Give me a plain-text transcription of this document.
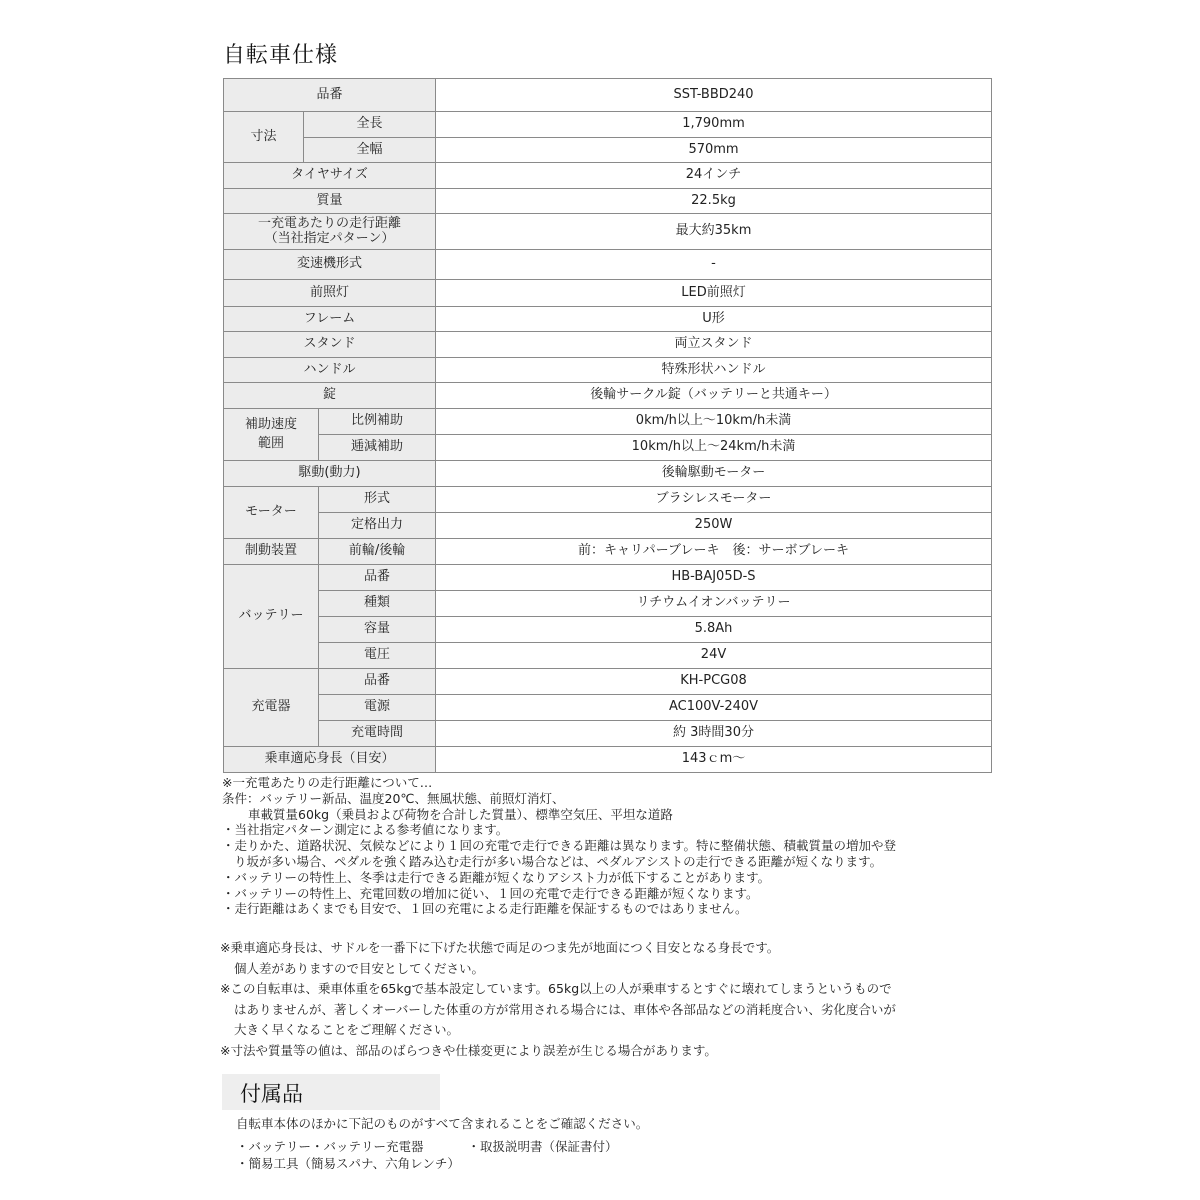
自転車仕様
品番			SST-BBD240
寸法	全長		1,790mm
	全幅		570mm
タイヤサイズ			24インチ
質量			22.5kg

一充電あたりの走行距離
（当社指定パターン）			最大約35km
変速機形式			-
前照灯			LED前照灯
フレーム			U形
スタンド			両立スタンド
ハンドル			特殊形状ハンドル
錠			後輪サークル錠（バッテリーと共通キー）

補助速度
範囲		比例補助	0km/h以上～10km/h未満
		逓減補助	10km/h以上～24km/h未満
駆動(動力)			後輪駆動モーター
モーター		形式	ブラシレスモーター
		定格出力	250W
制動装置		前輪/後輪	前：キャリパーブレーキ　後：サーボブレーキ
バッテリー		品番	HB-BAJ05D-S
		種類	リチウムイオンバッテリー
		容量	5.8Ah
		電圧	24V
充電器		品番	KH-PCG08
		電源	AC100V-240V
		充電時間	約 3時間30分
乗車適応身長（目安）			143ｃm～
※一充電あたりの走行距離について…
条件：バッテリー新品、温度20℃、無風状態、前照灯消灯、
車載質量60kg（乗員および荷物を合計した質量）、標準空気圧、平坦な道路
・当社指定パターン測定による参考値になります。
・走りかた、道路状況、気候などにより１回の充電で走行できる距離は異なります。特に整備状態、積載質量の増加や登
り坂が多い場合、ペダルを強く踏み込む走行が多い場合などは、ペダルアシストの走行できる距離が短くなります。
・バッテリーの特性上、冬季は走行できる距離が短くなりアシスト力が低下することがあります。
・バッテリーの特性上、充電回数の増加に従い、１回の充電で走行できる距離が短くなります。
・走行距離はあくまでも目安で、１回の充電による走行距離を保証するものではありません。
※乗車適応身長は、サドルを一番下に下げた状態で両足のつま先が地面につく目安となる身長です。
個人差がありますので目安としてください。
※この自転車は、乗車体重を65kgで基本設定しています。65kg以上の人が乗車するとすぐに壊れてしまうというもので
はありませんが、著しくオーバーした体重の方が常用される場合には、車体や各部品などの消耗度合い、劣化度合いが
大きく早くなることをご理解ください。
※寸法や質量等の値は、部品のばらつきや仕様変更により誤差が生じる場合があります。
付属品
自転車本体のほかに下記のものがすべて含まれることをご確認ください。
・バッテリー・バッテリー充電器	・取扱説明書（保証書付）
・簡易工具（簡易スパナ、六角レンチ）
